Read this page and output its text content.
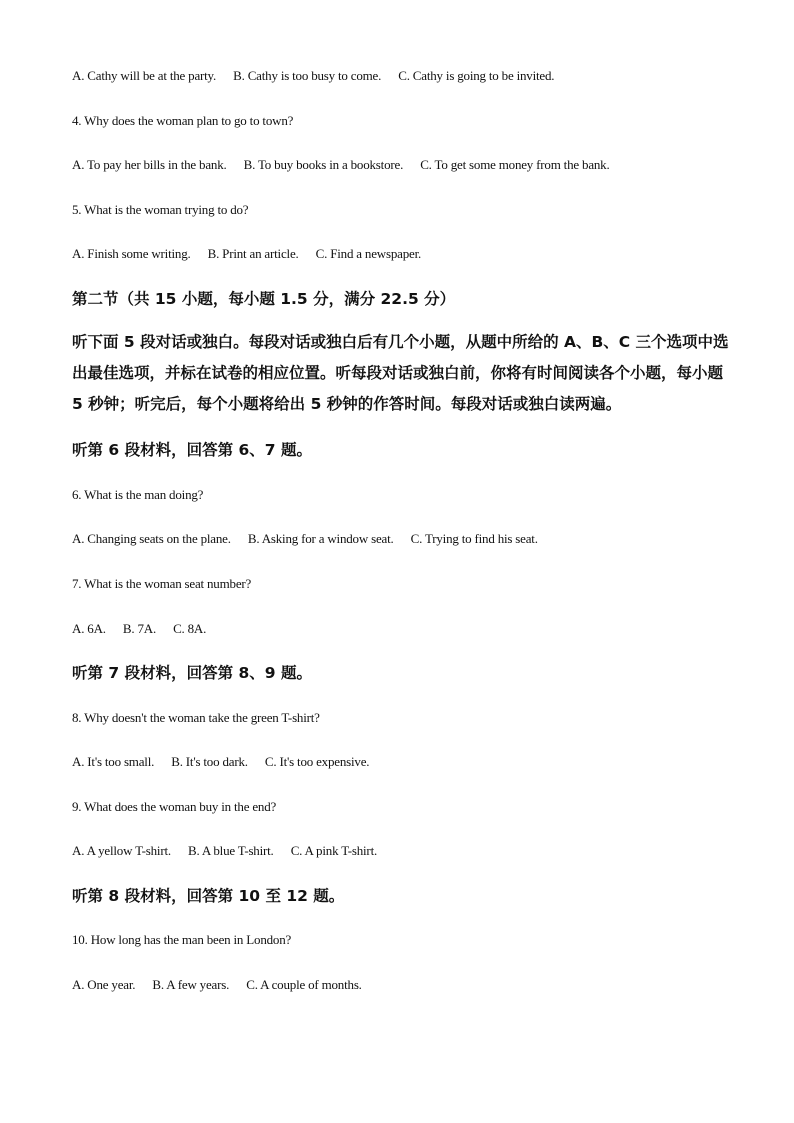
A. Cathy will be at the party. B. Cathy is too busy to come. C. Cathy is going to be invited.
4. Why does the woman plan to go to town?
A. To pay her bills in the bank. B. To buy books in a bookstore. C. To get some money from the bank.
5. What is the woman trying to do?
A. Finish some writing. B. Print an article. C. Find a newspaper.
第二节（共 15 小题，每小题 1.5 分，满分 22.5 分）
听下面 5 段对话或独白。每段对话或独白后有几个小题，从题中所给的 A、B、C 三个选项中选出最佳选项，并标在试卷的相应位置。听每段对话或独白前，你将有时间阅读各个小题，每小题 5 秒钟；听完后，每个小题将给出 5 秒钟的作答时间。每段对话或独白读两遍。
听第 6 段材料，回答第 6、7 题。
6. What is the man doing?
A. Changing seats on the plane. B. Asking for a window seat. C. Trying to find his seat.
7. What is the woman seat number?
A. 6A. B. 7A. C. 8A.
听第 7 段材料，回答第 8、9 题。
8. Why doesn't the woman take the green T-shirt?
A. It's too small. B. It's too dark. C. It's too expensive.
9. What does the woman buy in the end?
A. A yellow T-shirt. B. A blue T-shirt. C. A pink T-shirt.
听第 8 段材料，回答第 10 至 12 题。
10. How long has the man been in London?
A. One year. B. A few years. C. A couple of months.
